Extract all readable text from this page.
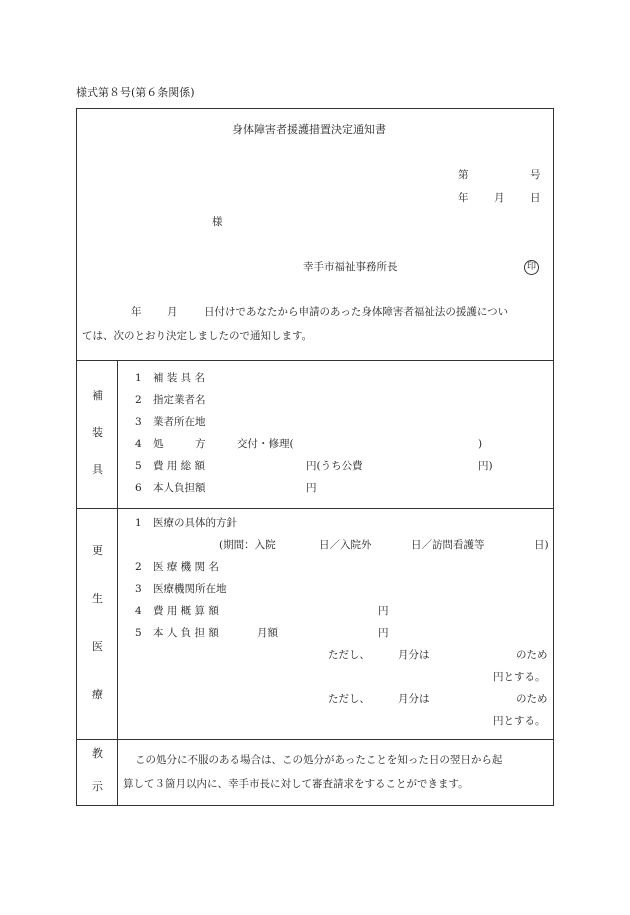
様式第８号(第６条関係)
身体障害者援護措置決定通知書
第	号
年 月 日
様
幸手市福祉事務所長	印
年 月	日付けであなたから申請のあった身体障害者福祉法の援護につい
ては、次のとおり決定しましたので通知します。
補
装
具
1 補 装 具 名
2 指定業者名
3 業者所在地
4 処　　　方	交付・修理(	)
5 費 用 総 額	円(うち公費	円)
6 本人負担額	円
更
生
医
療
1 医療の具体的方針
(期間：入院	日／入院外	日／訪問看護等	日)
2 医 療 機 関 名
3 医療機関所在地
4 費 用 概 算 額	円
5 本 人 負 担 額	月額	円
ただし、	月分は	のため
円とする。
ただし、	月分は	のため
円とする。
教
示
この処分に不服のある場合は、この処分があったことを知った日の翌日から起
算して３箇月以内に、幸手市長に対して審査請求をすることができます。
